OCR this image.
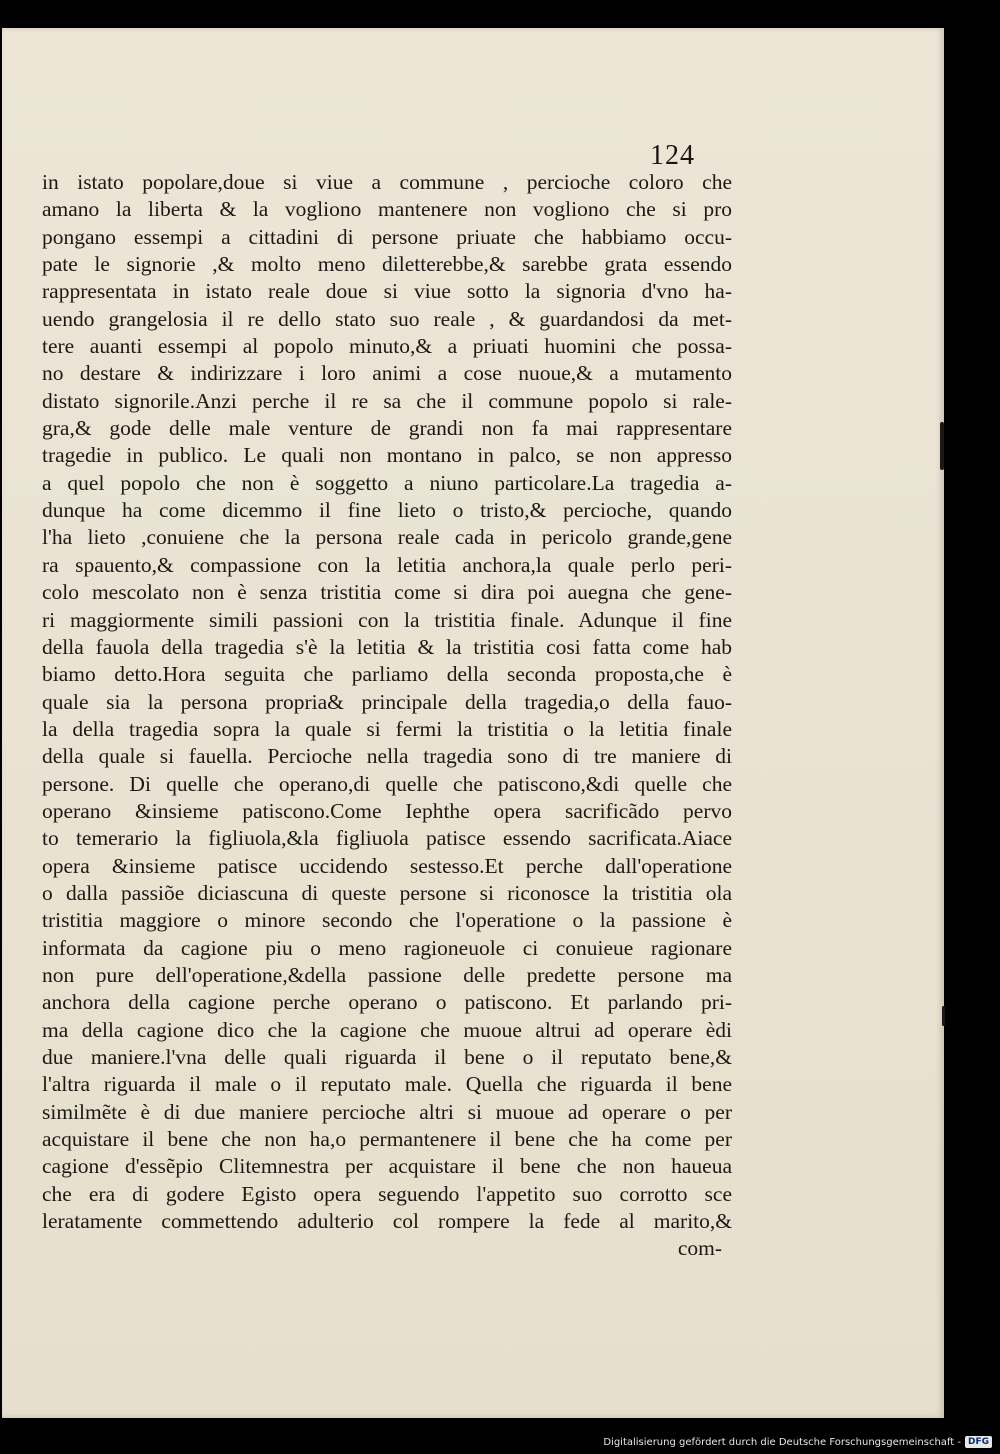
124
in istato popolare,doue si viue a commune , percioche coloro che
amano la liberta & la vogliono mantenere non vogliono che si pro
pongano essempi a cittadini di persone priuate che habbiamo occu-
pate le signorie ,& molto meno diletterebbe,& sarebbe grata essendo
rappresentata in istato reale doue si viue sotto la signoria d'vno ha-
uendo grangelosia il re dello stato suo reale , & guardandosi da met-
tere auanti essempi al popolo minuto,& a priuati huomini che possa-
no destare & indirizzare i loro animi a cose nuoue,& a mutamento
distato signorile.Anzi perche il re sa che il commune popolo si rale-
gra,& gode delle male venture de grandi non fa mai rappresentare
tragedie in publico. Le quali non montano in palco, se non appresso
a quel popolo che non è soggetto a niuno particolare.La tragedia a-
dunque ha come dicemmo il fine lieto o tristo,& percioche, quando
l'ha lieto ,conuiene che la persona reale cada in pericolo grande,gene
ra spauento,& compassione con la letitia anchora,la quale perlo peri-
colo mescolato non è senza tristitia come si dira poi auegna che gene-
ri maggiormente simili passioni con la tristitia finale. Adunque il fine
della fauola della tragedia s'è la letitia & la tristitia cosi fatta come hab
biamo detto.Hora seguita che parliamo della seconda proposta,che è
quale sia la persona propria& principale della tragedia,o della fauo-
la della tragedia sopra la quale si fermi la tristitia o la letitia finale
della quale si fauella. Percioche nella tragedia sono di tre maniere di
persone. Di quelle che operano,di quelle che patiscono,&di quelle che
operano &insieme patiscono.Come Iephthe opera sacrificãdo pervo
to temerario la figliuola,&la figliuola patisce essendo sacrificata.Aiace
opera &insieme patisce uccidendo sestesso.Et perche dall'operatione
o dalla passiõe diciascuna di queste persone si riconosce la tristitia ola
tristitia maggiore o minore secondo che l'operatione o la passione è
informata da cagione piu o meno ragioneuole ci conuieue ragionare
non pure dell'operatione,&della passione delle predette persone ma
anchora della cagione perche operano o patiscono. Et parlando pri-
ma della cagione dico che la cagione che muoue altrui ad operare èdi
due maniere.l'vna delle quali riguarda il bene o il reputato bene,&
l'altra riguarda il male o il reputato male. Quella che riguarda il bene
similmẽte è di due maniere percioche altri si muoue ad operare o per
acquistare il bene che non ha,o permantenere il bene che ha come per
cagione d'essẽpio Clitemnestra per acquistare il bene che non haueua
che era di godere Egisto opera seguendo l'appetito suo corrotto sce
leratamente commettendo adulterio col rompere la fede al marito,&
com-
Digitalisierung gefördert durch die Deutsche Forschungsgemeinschaft - DFG
